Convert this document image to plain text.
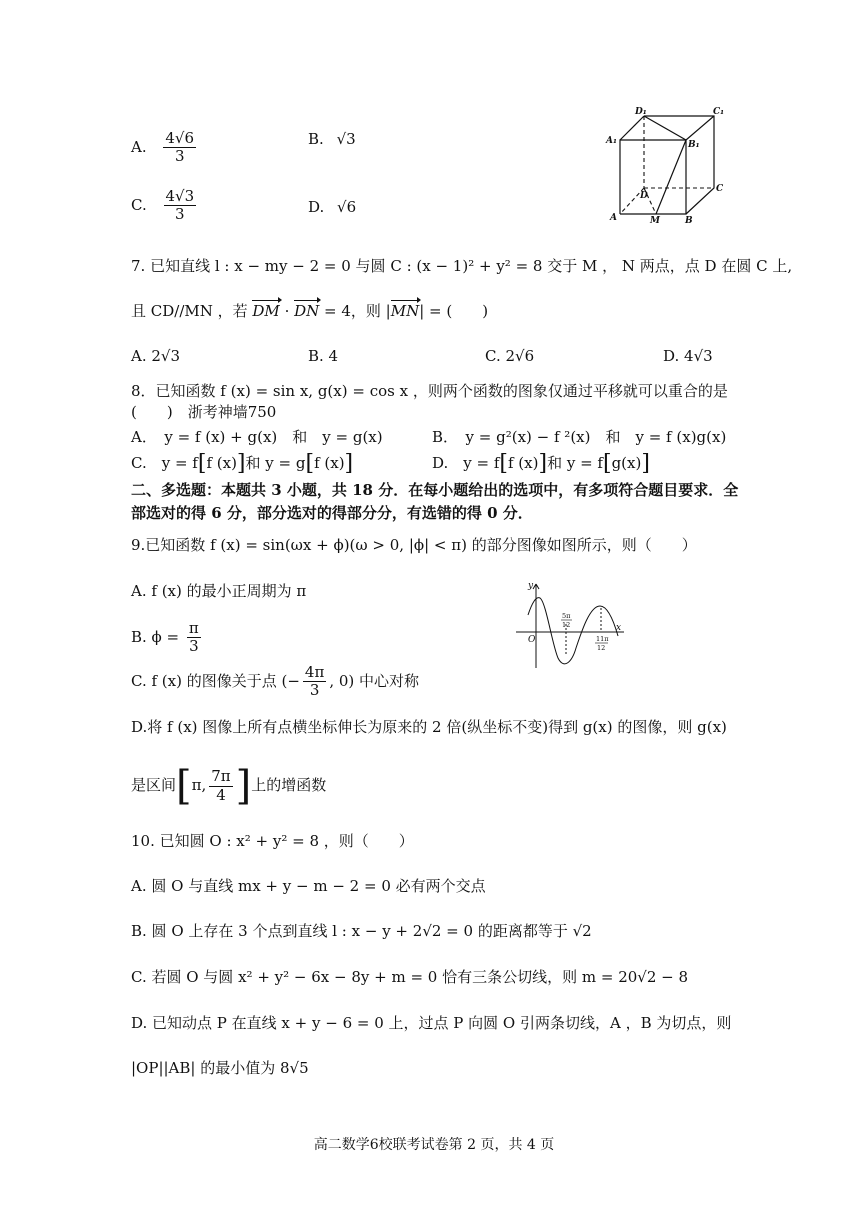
A. $\frac{4√6}{3}$	B. √3
C. $\frac{4√3}{3}$	D. √6
D₁	C₁
A₁	B₁
D
C
A	M	B
7. 已知直线 l : x − my − 2 = 0 与圆 C : (x − 1)² + y² = 8 交于 M ， N 两点，点 D 在圆 C 上,
且 CD//MN ，若 DM · DN = 4，则 |MN| = (　　)
A. 2√3	B. 4	C. 2√6	D. 4√3
8．已知函数 f (x) = sin x, g(x) = cos x ，则两个函数的图象仅通过平移就可以重合的是
(　　)　浙考神墙750
A．　y = f (x) + g(x)　和　y = g(x)	B．　y = g²(x) − f ²(x)　和　y = f (x)g(x)
C.　y = f[f (x)]和 y = g[f (x)]	D.　y = f[f (x)]和 y = f[g(x)]
二、多选题：本题共 3 小题，共 18 分．在每小题给出的选项中，有多项符合题目要求．全
部选对的得 6 分，部分选对的得部分分，有选错的得 0 分．
9.已知函数 f (x) = sin(ωx + ϕ)(ω > 0, |ϕ| < π) 的部分图像如图所示，则（　　）
A. f (x) 的最小正周期为 π
B. $\phi = \frac{\pi}{3}$
C. f (x) 的图像关于点 (− $\frac{4\pi}{3}$ , 0) 中心对称
D.将 f (x) 图像上所有点横坐标伸长为原来的 2 倍(纵坐标不变)得到 g(x) 的图像，则 g(x)
是区间[π, $\frac{7\pi}{4}$ ]上的增函数
y
x
O
5π
12
11π
12
10. 已知圆 O : x² + y² = 8 ，则（　　）
A. 圆 O 与直线 mx + y − m − 2 = 0 必有两个交点
B. 圆 O 上存在 3 个点到直线 l : x − y + 2√2 = 0 的距离都等于 √2
C. 若圆 O 与圆 x² + y² − 6x − 8y + m = 0 恰有三条公切线，则 m = 20√2 − 8
D. 已知动点 P 在直线 x + y − 6 = 0 上，过点 P 向圆 O 引两条切线，A ，B 为切点，则
|OP||AB| 的最小值为 8√5
高二数学6校联考试卷第 2 页，共 4 页
